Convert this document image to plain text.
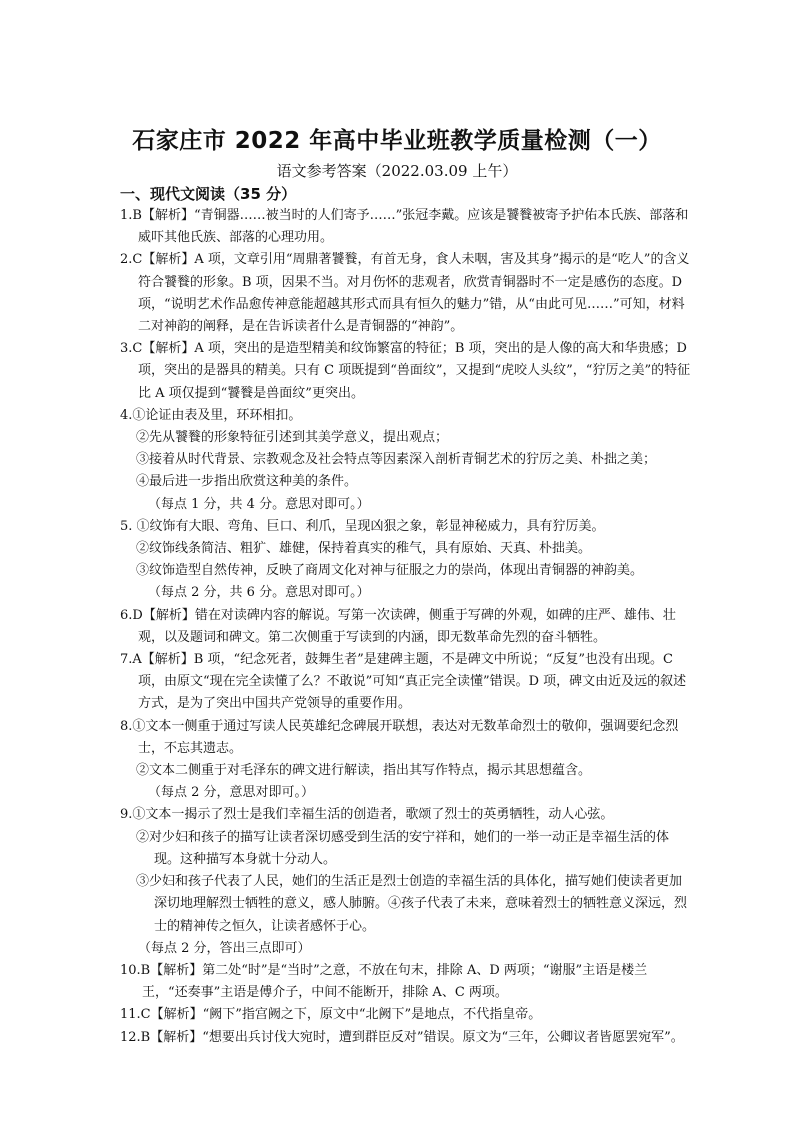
石家庄市 2022 年高中毕业班教学质量检测（一）
语文参考答案（2022.03.09 上午）
一、现代文阅读（35 分）

1.B【解析】“青铜器……被当时的人们寄予……”张冠李戴。应该是饕餮被寄予护佑本氏族、部落和威吓其他氏族、部落的心理功用。

2.C【解析】A 项，文章引用“周鼎著饕餮，有首无身，食人未咽，害及其身”揭示的是“吃人”的含义符合饕餮的形象。B 项，因果不当。对月伤怀的悲观者，欣赏青铜器时不一定是感伤的态度。D 项，“说明艺术作品愈传神意能超越其形式而具有恒久的魅力”错，从“由此可见……”可知，材料二对神韵的阐释，是在告诉读者什么是青铜器的“神韵”。

3.C【解析】A 项，突出的是造型精美和纹饰繁富的特征；B 项，突出的是人像的高大和华贵感；D 项，突出的是器具的精美。只有 C 项既提到“兽面纹”，又提到“虎咬人头纹”，“狞厉之美”的特征比 A 项仅提到“饕餮是兽面纹”更突出。

4.①论证由表及里，环环相扣。

②先从饕餮的形象特征引述到其美学意义，提出观点；

③接着从时代背景、宗教观念及社会特点等因素深入剖析青铜艺术的狞厉之美、朴拙之美；

④最后进一步指出欣赏这种美的条件。

（每点 1 分，共 4 分。意思对即可。）

5. ①纹饰有大眼、弯角、巨口、利爪，呈现凶狠之象，彰显神秘威力，具有狞厉美。

②纹饰线条简洁、粗犷、雄健，保持着真实的稚气，具有原始、天真、朴拙美。

③纹饰造型自然传神，反映了商周文化对神与征服之力的崇尚，体现出青铜器的神韵美。

（每点 2 分，共 6 分。意思对即可。）

6.D【解析】错在对读碑内容的解说。写第一次读碑，侧重于写碑的外观，如碑的庄严、雄伟、壮观，以及题词和碑文。第二次侧重于写读到的内涵，即无数革命先烈的奋斗牺牲。

7.A【解析】B 项，“纪念死者，鼓舞生者”是建碑主题，不是碑文中所说；“反复”也没有出现。C 项，由原文“现在完全读懂了么？不敢说”可知“真正完全读懂”错误。D 项，碑文由近及远的叙述方式，是为了突出中国共产党领导的重要作用。

8.①文本一侧重于通过写读人民英雄纪念碑展开联想，表达对无数革命烈士的敬仰，强调要纪念烈士，不忘其遗志。

②文本二侧重于对毛泽东的碑文进行解读，指出其写作特点，揭示其思想蕴含。

（每点 2 分，意思对即可。）

9.①文本一揭示了烈士是我们幸福生活的创造者，歌颂了烈士的英勇牺牲，动人心弦。

②对少妇和孩子的描写让读者深切感受到生活的安宁祥和，她们的一举一动正是幸福生活的体现。这种描写本身就十分动人。

③少妇和孩子代表了人民，她们的生活正是烈士创造的幸福生活的具体化，描写她们使读者更加深切地理解烈士牺牲的意义，感人肺腑。④孩子代表了未来，意味着烈士的牺牲意义深远，烈士的精神传之恒久，让读者感怀于心。

（每点 2 分，答出三点即可）

10.B【解析】第二处“时”是“当时”之意，不放在句末，排除 A、D 两项；“谢服”主语是楼兰王，“还奏事”主语是傅介子，中间不能断开，排除 A、C 两项。

11.C【解析】“阙下”指宫阙之下，原文中“北阙下”是地点，不代指皇帝。

12.B【解析】“想要出兵讨伐大宛时，遭到群臣反对”错误。原文为“三年，公卿议者皆愿罢宛军”。
